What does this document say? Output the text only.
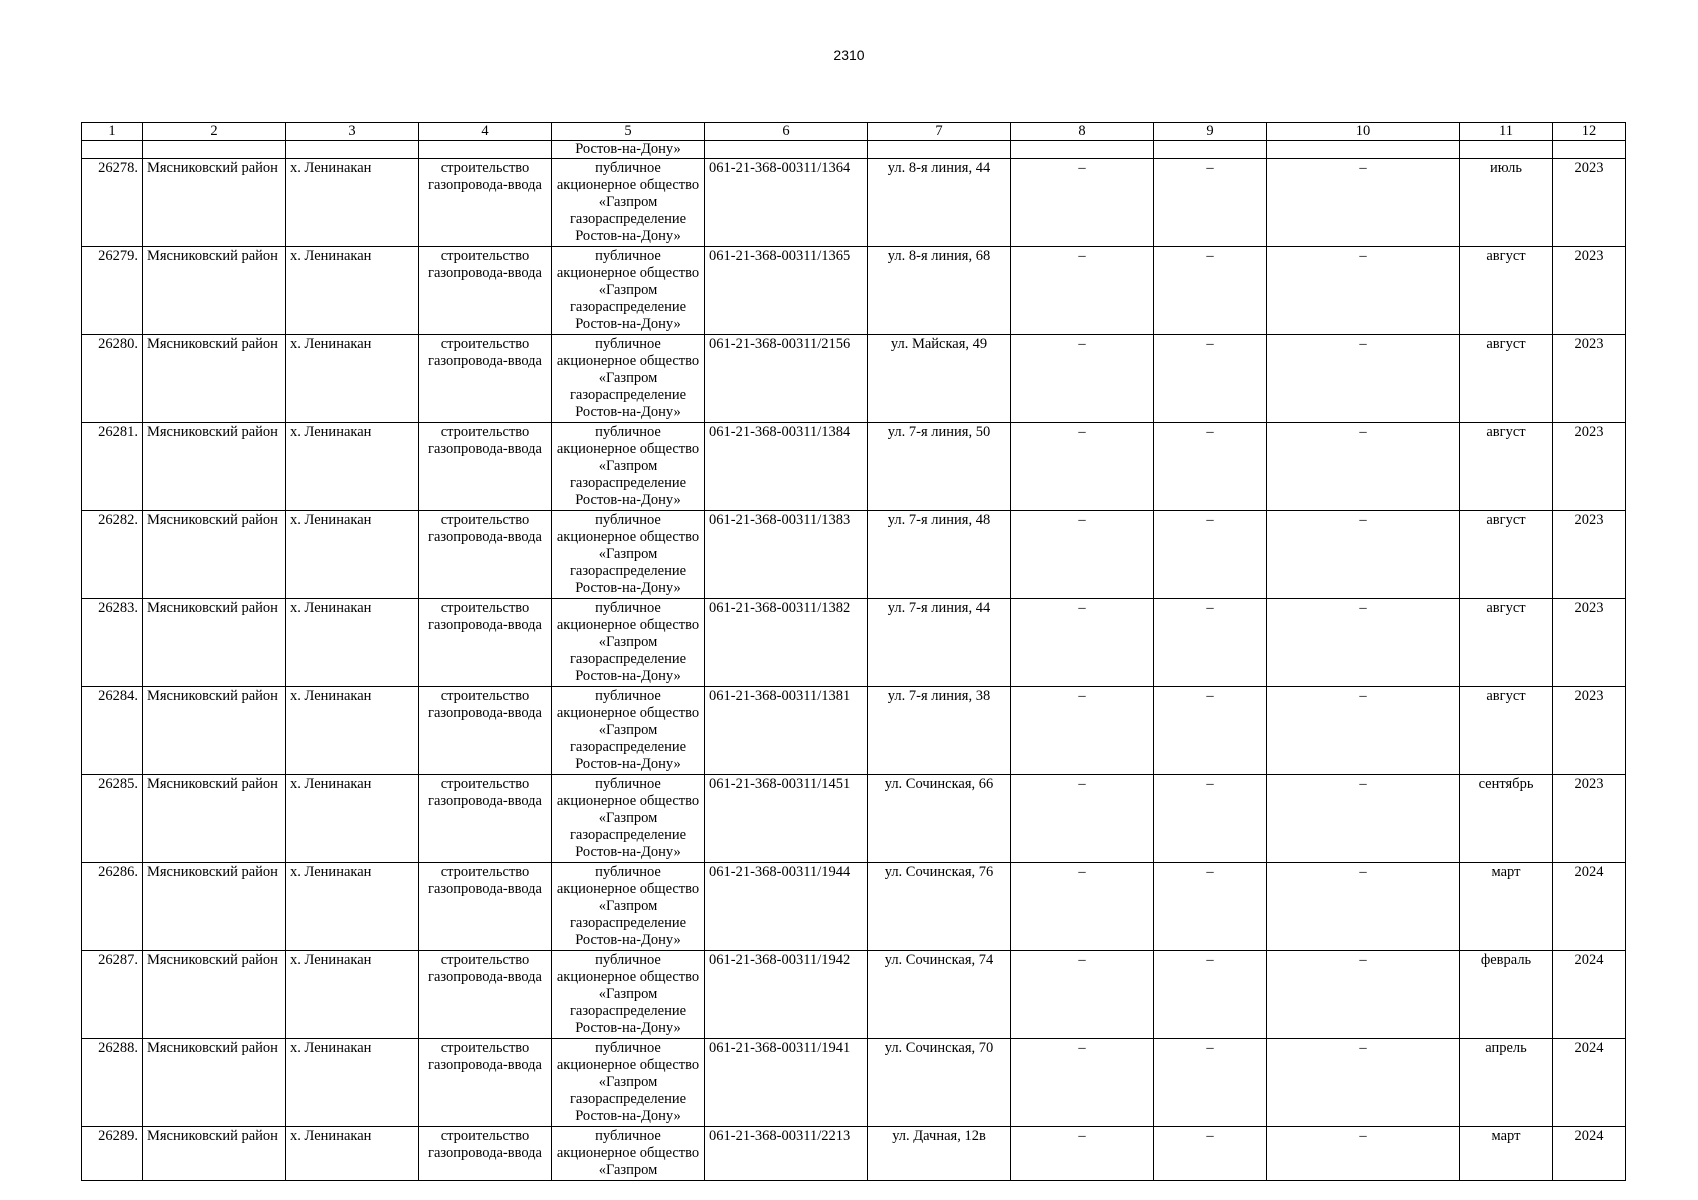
2310
1	2	3	4	5	6	7	8	9	10	11	12
				Ростов-на-Дону»							
26278.	Мясниковский район	х. Ленинакан	строительство газопровода-ввода	публичное акционерное общество «Газпром газораспределение Ростов-на-Дону»	061-21-368-00311/1364	ул. 8-я линия, 44	–	–	–	июль	2023
26279.	Мясниковский район	х. Ленинакан	строительство газопровода-ввода	публичное акционерное общество «Газпром газораспределение Ростов-на-Дону»	061-21-368-00311/1365	ул. 8-я линия, 68	–	–	–	август	2023
26280.	Мясниковский район	х. Ленинакан	строительство газопровода-ввода	публичное акционерное общество «Газпром газораспределение Ростов-на-Дону»	061-21-368-00311/2156	ул. Майская, 49	–	–	–	август	2023
26281.	Мясниковский район	х. Ленинакан	строительство газопровода-ввода	публичное акционерное общество «Газпром газораспределение Ростов-на-Дону»	061-21-368-00311/1384	ул. 7-я линия, 50	–	–	–	август	2023
26282.	Мясниковский район	х. Ленинакан	строительство газопровода-ввода	публичное акционерное общество «Газпром газораспределение Ростов-на-Дону»	061-21-368-00311/1383	ул. 7-я линия, 48	–	–	–	август	2023
26283.	Мясниковский район	х. Ленинакан	строительство газопровода-ввода	публичное акционерное общество «Газпром газораспределение Ростов-на-Дону»	061-21-368-00311/1382	ул. 7-я линия, 44	–	–	–	август	2023
26284.	Мясниковский район	х. Ленинакан	строительство газопровода-ввода	публичное акционерное общество «Газпром газораспределение Ростов-на-Дону»	061-21-368-00311/1381	ул. 7-я линия, 38	–	–	–	август	2023
26285.	Мясниковский район	х. Ленинакан	строительство газопровода-ввода	публичное акционерное общество «Газпром газораспределение Ростов-на-Дону»	061-21-368-00311/1451	ул. Сочинская, 66	–	–	–	сентябрь	2023
26286.	Мясниковский район	х. Ленинакан	строительство газопровода-ввода	публичное акционерное общество «Газпром газораспределение Ростов-на-Дону»	061-21-368-00311/1944	ул. Сочинская, 76	–	–	–	март	2024
26287.	Мясниковский район	х. Ленинакан	строительство газопровода-ввода	публичное акционерное общество «Газпром газораспределение Ростов-на-Дону»	061-21-368-00311/1942	ул. Сочинская, 74	–	–	–	февраль	2024
26288.	Мясниковский район	х. Ленинакан	строительство газопровода-ввода	публичное акционерное общество «Газпром газораспределение Ростов-на-Дону»	061-21-368-00311/1941	ул. Сочинская, 70	–	–	–	апрель	2024
26289.	Мясниковский район	х. Ленинакан	строительство газопровода-ввода	публичное акционерное общество «Газпром	061-21-368-00311/2213	ул. Дачная, 12в	–	–	–	март	2024
